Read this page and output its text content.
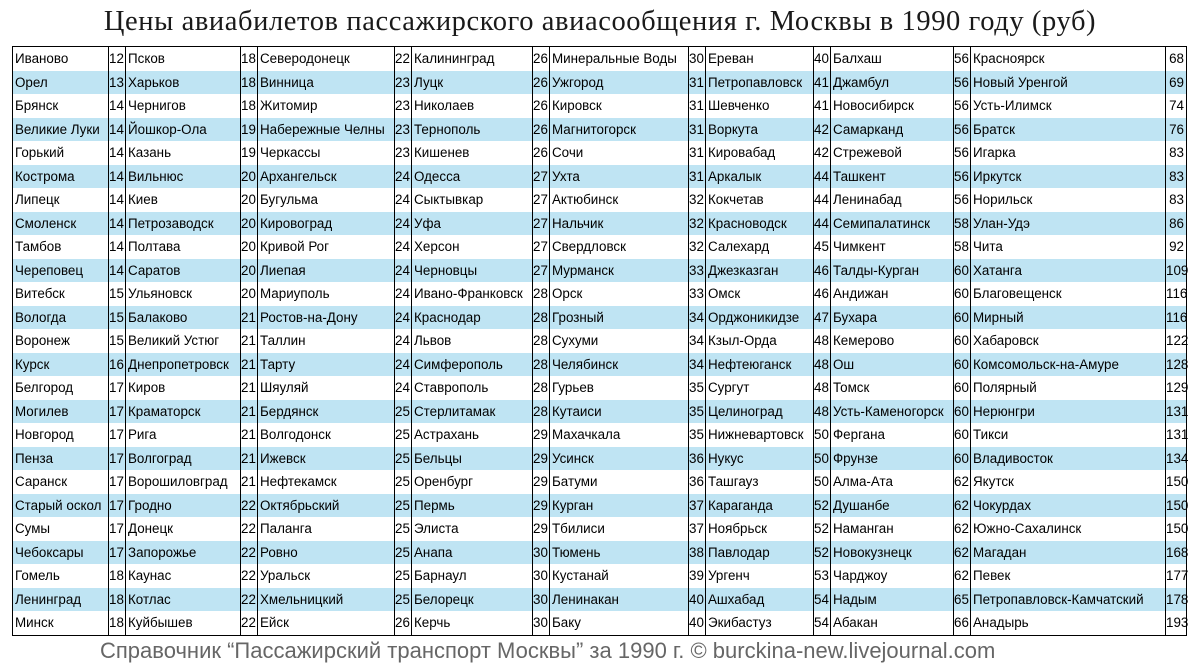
Цены авиабилетов пассажирского авиасообщения г. Москвы в 1990 году (руб)
Иваново
Орел
Брянск
Великие Луки
Горький
Кострома
Липецк
Смоленск
Тамбов
Череповец
Витебск
Вологда
Воронеж
Курск
Белгород
Могилев
Новгород
Пенза
Саранск
Старый оскол
Сумы
Чебоксары
Гомель
Ленинград
Минск
12
13
14
14
14
14
14
14
14
14
15
15
15
16
17
17
17
17
17
17
17
17
18
18
18
Псков
Харьков
Чернигов
Йошкор-Ола
Казань
Вильнюс
Киев
Петрозаводск
Полтава
Саратов
Ульяновск
Балаково
Великий Устюг
Днепропетровск
Киров
Краматорск
Рига
Волгоград
Ворошиловград
Гродно
Донецк
Запорожье
Каунас
Котлас
Куйбышев
18
18
18
19
19
20
20
20
20
20
20
21
21
21
21
21
21
21
21
22
22
22
22
22
22
Северодонецк
Винница
Житомир
Набережные Челны
Черкассы
Архангельск
Бугульма
Кировоград
Кривой Рог
Лиепая
Мариуполь
Ростов-на-Дону
Таллин
Тарту
Шяуляй
Бердянск
Волгодонск
Ижевск
Нефтекамск
Октябрьский
Паланга
Ровно
Уральск
Хмельницкий
Ейск
22
23
23
23
23
24
24
24
24
24
24
24
24
24
24
25
25
25
25
25
25
25
25
25
26
Калининград
Луцк
Николаев
Тернополь
Кишенев
Одесса
Сыктывкар
Уфа
Херсон
Черновцы
Ивано-Франковск
Краснодар
Львов
Симферополь
Ставрополь
Стерлитамак
Астрахань
Бельцы
Оренбург
Пермь
Элиста
Анапа
Барнаул
Белорецк
Керчь
26
26
26
26
26
27
27
27
27
27
28
28
28
28
28
28
29
29
29
29
29
30
30
30
30
Минеральные Воды
Ужгород
Кировск
Магнитогорск
Сочи
Ухта
Актюбинск
Нальчик
Свердловск
Мурманск
Орск
Грозный
Сухуми
Челябинск
Гурьев
Кутаиси
Махачкала
Усинск
Батуми
Курган
Тбилиси
Тюмень
Кустанай
Ленинакан
Баку
30
31
31
31
31
31
32
32
32
33
33
34
34
34
35
35
35
36
36
37
37
38
39
40
40
Ереван
Петропавловск
Шевченко
Воркута
Кировабад
Аркалык
Кокчетав
Красноводск
Салехард
Джезказган
Омск
Орджоникидзе
Кзыл-Орда
Нефтеюганск
Сургут
Целиноград
Нижневартовск
Нукус
Ташгауз
Караганда
Ноябрьск
Павлодар
Ургенч
Ашхабад
Экибастуз
40
41
41
42
42
44
44
44
45
46
46
47
48
48
48
48
50
50
50
52
52
52
53
54
54
Балхаш
Джамбул
Новосибирск
Самарканд
Стрежевой
Ташкент
Ленинабад
Семипалатинск
Чимкент
Талды-Курган
Андижан
Бухара
Кемерово
Ош
Томск
Усть-Каменогорск
Фергана
Фрунзе
Алма-Ата
Душанбе
Наманган
Новокузнецк
Чарджоу
Надым
Абакан
56
56
56
56
56
56
56
58
58
60
60
60
60
60
60
60
60
60
62
62
62
62
62
65
66
Красноярск
Новый Уренгой
Усть-Илимск
Братск
Игарка
Иркутск
Норильск
Улан-Удэ
Чита
Хатанга
Благовещенск
Мирный
Хабаровск
Комсомольск-на-Амуре
Полярный
Нерюнгри
Тикси
Владивосток
Якутск
Чокурдах
Южно-Сахалинск
Магадан
Певек
Петропавловск-Камчатский
Анадырь
68
69
74
76
83
83
83
86
92
109
116
116
122
128
129
131
131
134
150
150
150
168
177
178
193
Справочник “Пассажирский транспорт Москвы” за 1990 г. © burckina-new.livejournal.com
